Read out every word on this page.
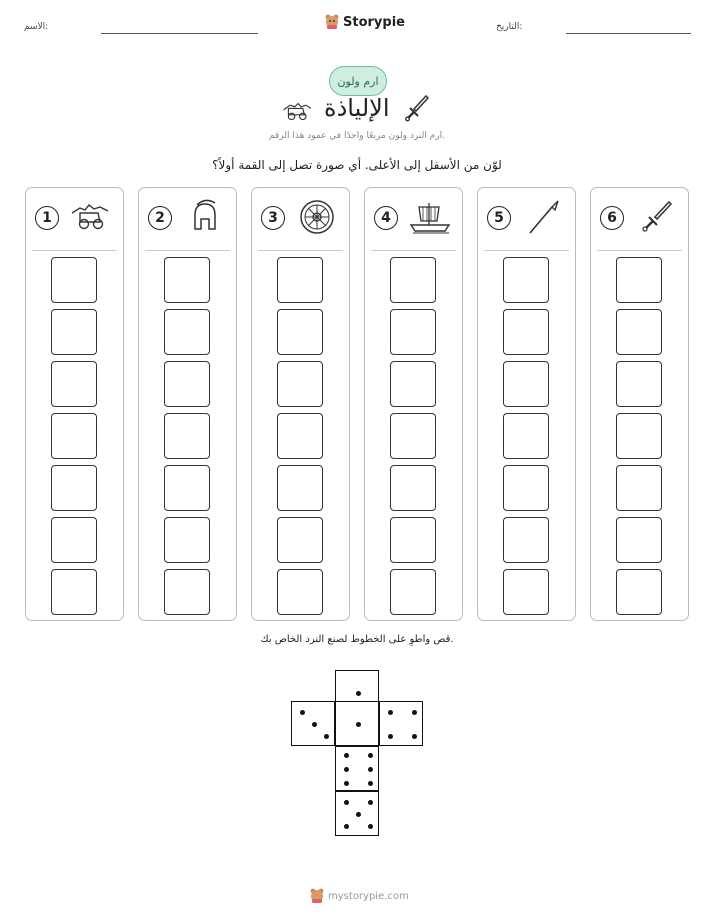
الاسم:	Storypie	التاريخ:
ارم ولون
الإلياذة
ارم النرد ولون مربعًا واحدًا في عمود هذا الرقم.
لوّن من الأسفل إلى الأعلى. أي صورة تصل إلى القمة أولاً؟
1	2	3	4	5	6
قص واطوِ على الخطوط لصنع النرد الخاص بك.
mystorypie.com
